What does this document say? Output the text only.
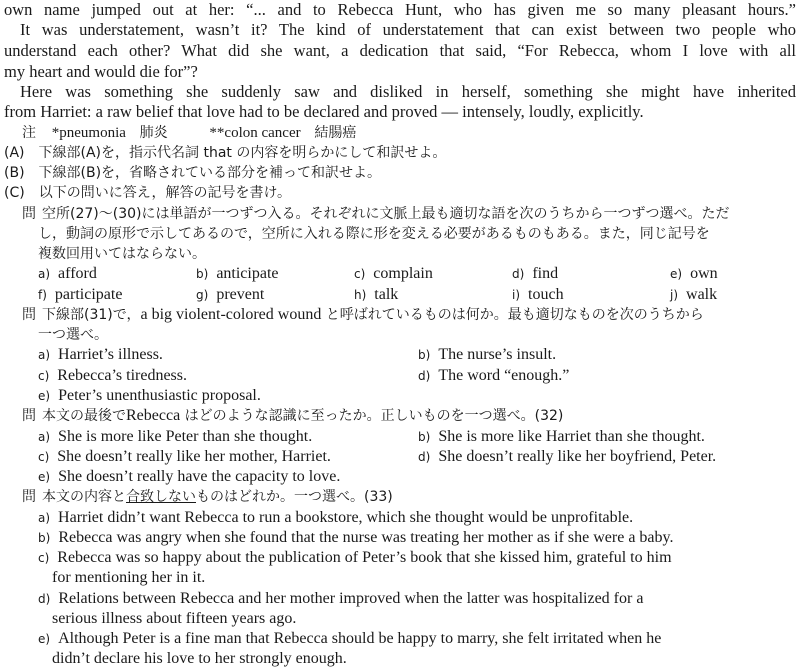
own name jumped out at her: “... and to Rebecca Hunt, who has given me so many pleasant hours.”
It was understatement, wasn’t it? The kind of understatement that can exist between two people who
understand each other? What did she want, a dedication that said, “For Rebecca, whom I love with all
my heart and would die for”?
Here was something she suddenly saw and disliked in herself, something she might have inherited
from Harriet: a raw belief that love had to be declared and proved — intensely, loudly, explicitly.
注 *pneumonia 肺炎	**colon cancer 結腸癌
(A)　下線部(A)を，指示代名詞 that の内容を明らかにして和訳せよ。
(B)　下線部(B)を，省略されている部分を補って和訳せよ。
(C)　以下の問いに答え，解答の記号を書け。
問 空所(27)〜(30)には単語が一つずつ入る。それぞれに文脈上最も適切な語を次のうちから一つずつ選べ。ただ
し，動詞の原形で示してあるので，空所に入れる際に形を変える必要があるものもある。また，同じ記号を
複数回用いてはならない。
a) afford	b) anticipate	c) complain	d) find	e) own
f) participate	g) prevent	h) talk	i) touch	j) walk
問 下線部(31)で，a big violent-colored wound と呼ばれているものは何か。最も適切なものを次のうちから
一つ選べ。
a) Harriet’s illness.	b) The nurse’s insult.
c) Rebecca’s tiredness.	d) The word “enough.”
e) Peter’s unenthusiastic proposal.
問 本文の最後でRebecca はどのような認識に至ったか。正しいものを一つ選べ。(32)
a) She is more like Peter than she thought.	b) She is more like Harriet than she thought.
c) She doesn’t really like her mother, Harriet.	d) She doesn’t really like her boyfriend, Peter.
e) She doesn’t really have the capacity to love.
問 本文の内容と合致しないものはどれか。一つ選べ。(33)
a) Harriet didn’t want Rebecca to run a bookstore, which she thought would be unprofitable.
b) Rebecca was angry when she found that the nurse was treating her mother as if she were a baby.
c) Rebecca was so happy about the publication of Peter’s book that she kissed him, grateful to him
for mentioning her in it.
d) Relations between Rebecca and her mother improved when the latter was hospitalized for a
serious illness about fifteen years ago.
e) Although Peter is a fine man that Rebecca should be happy to marry, she felt irritated when he
didn’t declare his love to her strongly enough.
